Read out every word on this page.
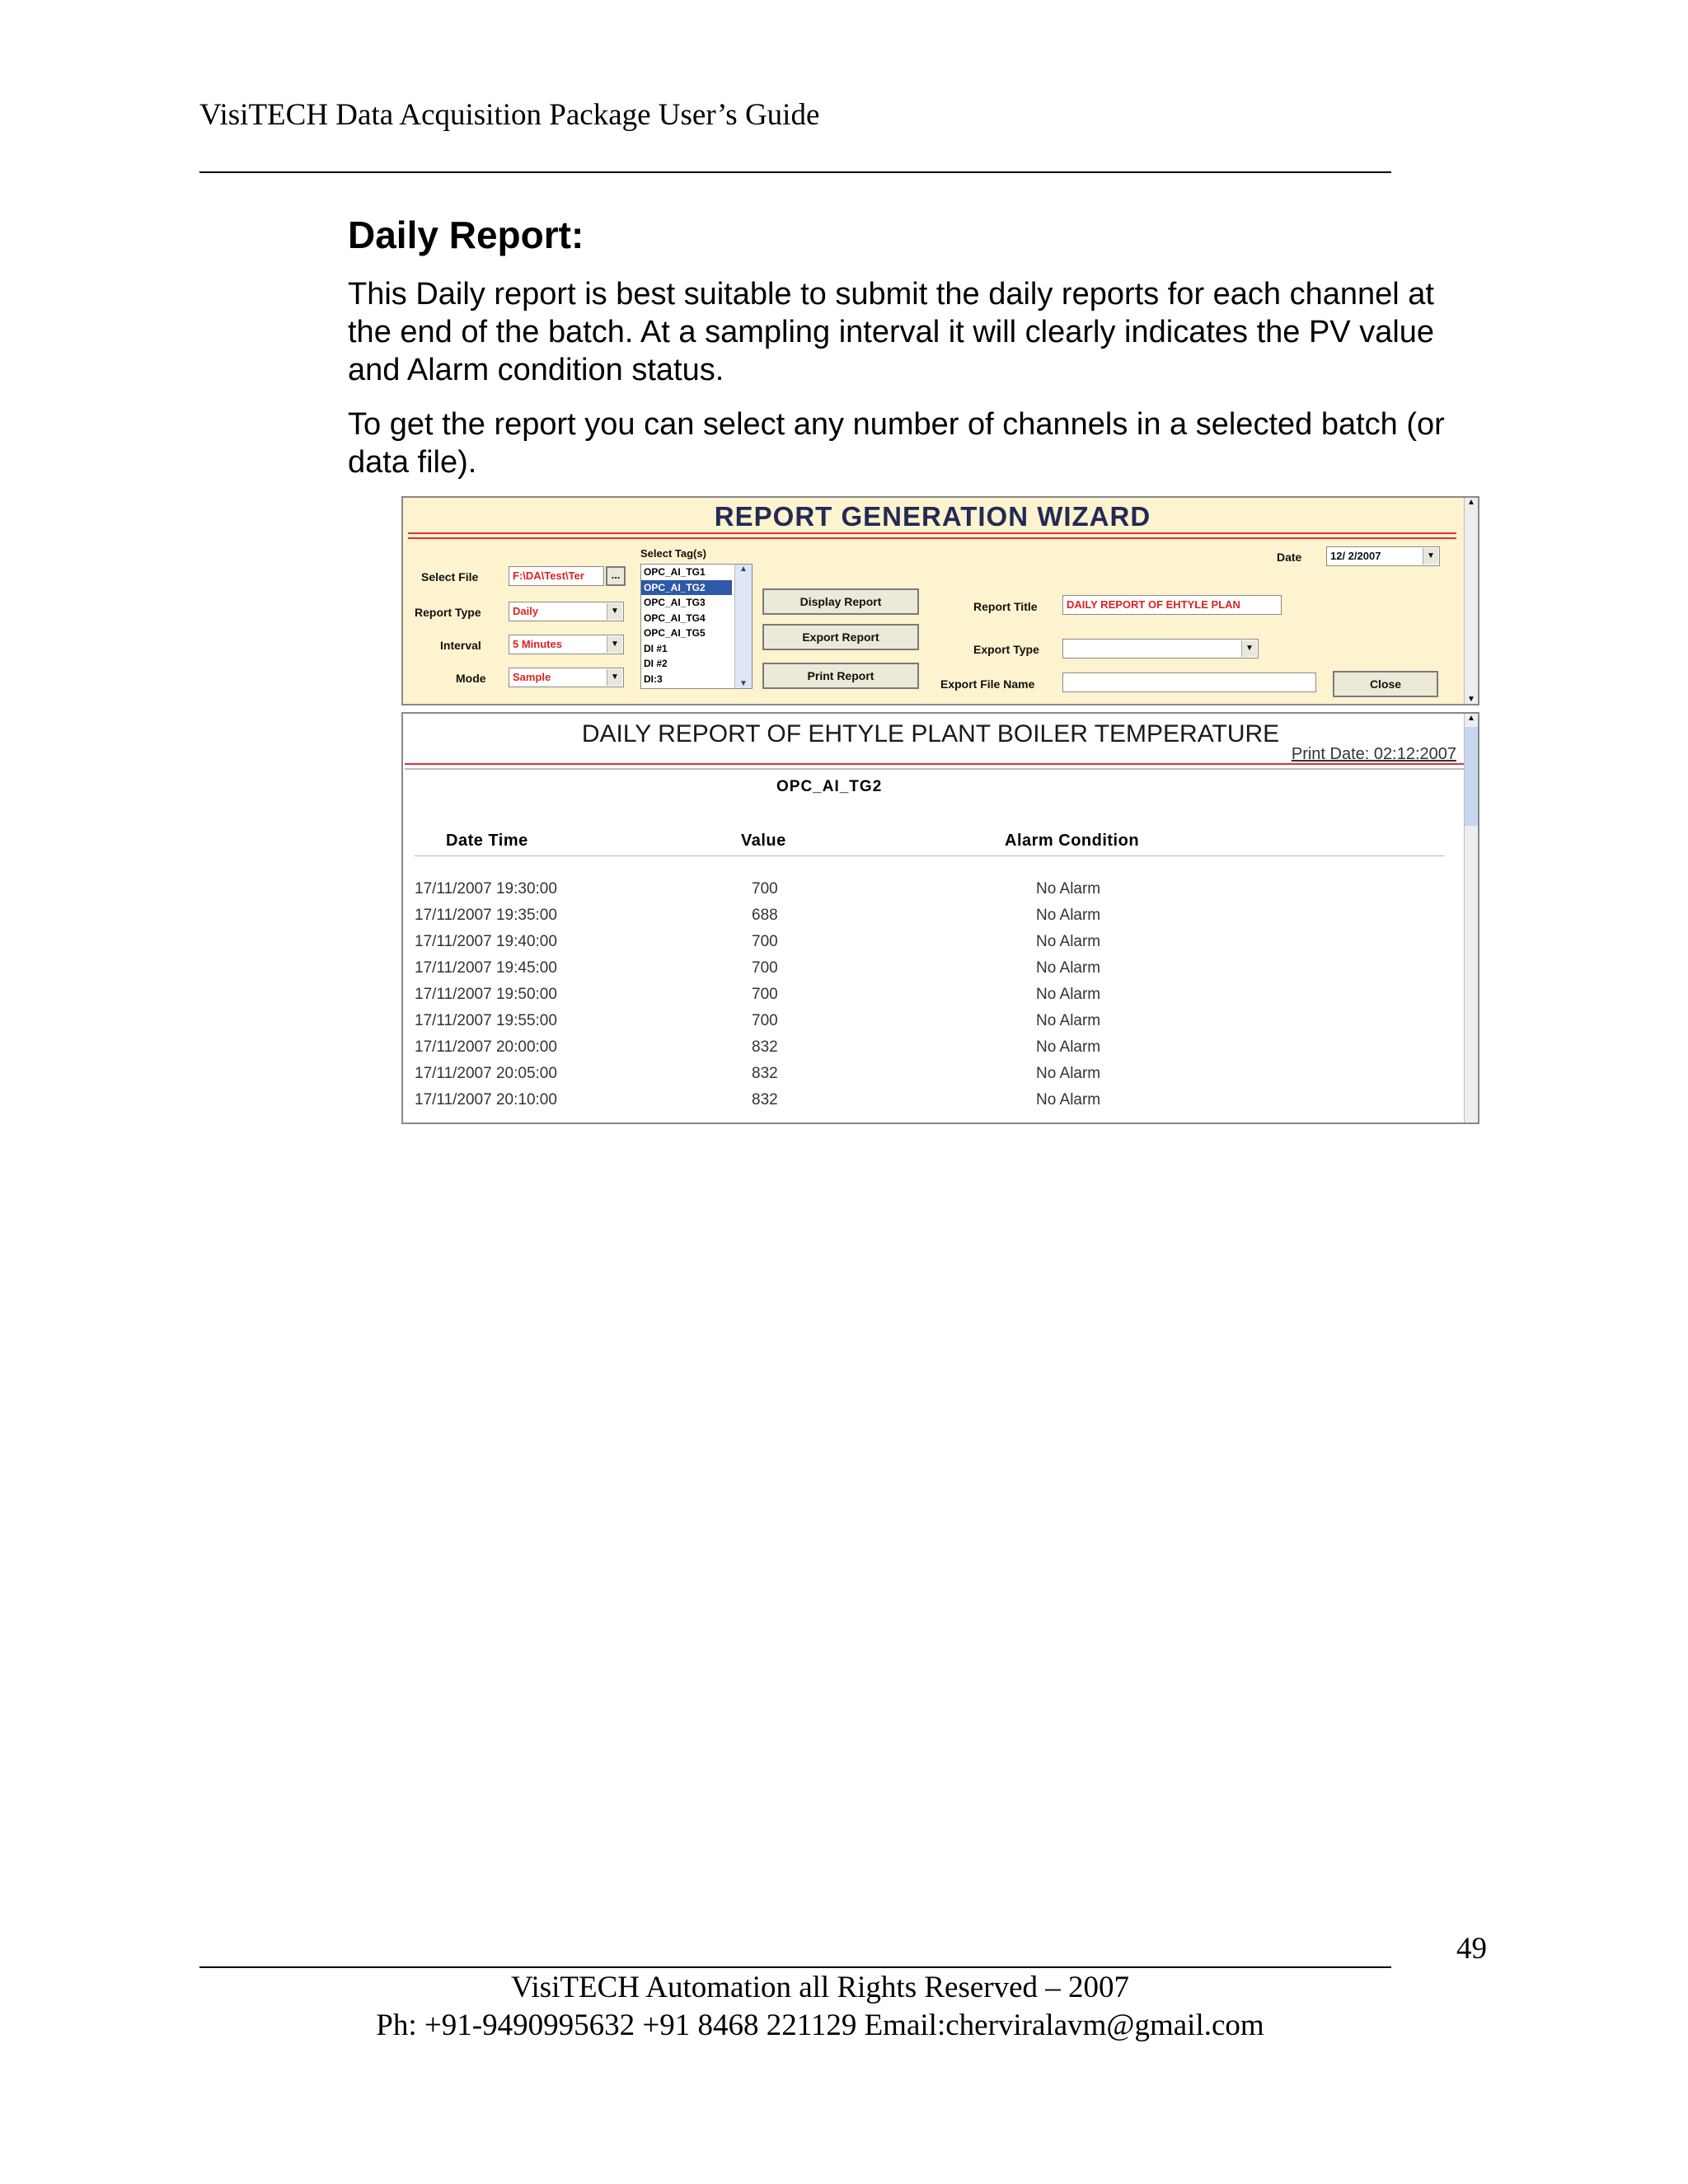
VisiTECH Data Acquisition Package User’s Guide
Daily Report:
This Daily report is best suitable to submit the daily reports for each channel at the end of the batch. At a sampling interval it will clearly indicates the PV value and Alarm condition status.
To get the report you can select any number of channels in a selected batch (or data file).
REPORT GENERATION WIZARD
Select File	F:\DA\Test\Ter	...
Report Type	Daily	▼
Interval	5 Minutes	▼
Mode	Sample	▼
Select Tag(s)
OPC_AI_TG1
OPC_AI_TG2
OPC_AI_TG3
OPC_AI_TG4
OPC_AI_TG5
DI #1
DI #2
DI:3
▲
▼
Display Report
Export Report
Print Report
Date	12/ 2/2007	▼
Report Title	DAILY REPORT OF EHTYLE PLAN
Export Type	▼
Export File Name	Close
▲
▼
DAILY REPORT OF EHTYLE PLANT BOILER TEMPERATURE
Print Date: 02:12:2007
OPC_AI_TG2
Date Time	Value	Alarm Condition
17/11/2007 19:30:00	700	No Alarm
17/11/2007 19:35:00	688	No Alarm
17/11/2007 19:40:00	700	No Alarm
17/11/2007 19:45:00	700	No Alarm
17/11/2007 19:50:00	700	No Alarm
17/11/2007 19:55:00	700	No Alarm
17/11/2007 20:00:00	832	No Alarm
17/11/2007 20:05:00	832	No Alarm
17/11/2007 20:10:00	832	No Alarm
▲
49
VisiTECH Automation all Rights Reserved – 2007
Ph: +91-9490995632 +91 8468 221129 Email:cherviralavm@gmail.com
